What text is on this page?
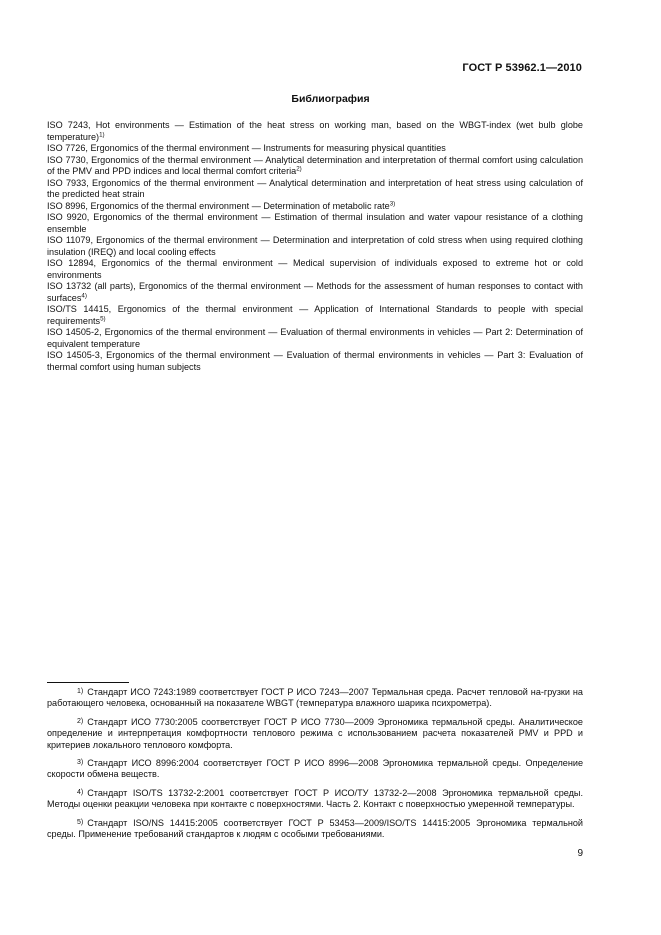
ГОСТ Р 53962.1—2010
Библиография

ISO 7243, Hot environments — Estimation of the heat stress on working man, based on the WBGT-index (wet bulb globe temperature)$^{1)}$

ISO 7726, Ergonomics of the thermal environment — Instruments for measuring physical quantities

ISO 7730, Ergonomics of the thermal environment — Analytical determination and interpretation of thermal comfort using calculation of the PMV and PPD indices and local thermal comfort criteria$^{2)}$

ISO 7933, Ergonomics of the thermal environment — Analytical determination and interpretation of heat stress using calculation of the predicted heat strain

ISO 8996, Ergonomics of the thermal environment — Determination of metabolic rate$^{3)}$

ISO 9920, Ergonomics of the thermal environment — Estimation of thermal insulation and water vapour resistance of a clothing ensemble

ISO 11079, Ergonomics of the thermal environment — Determination and interpretation of cold stress when using required clothing insulation (IREQ) and local cooling effects

ISO 12894, Ergonomics of the thermal environment — Medical supervision of individuals exposed to extreme hot or cold environments

ISO 13732 (all parts), Ergonomics of the thermal environment — Methods for the assessment of human responses to contact with surfaces$^{4)}$

ISO/TS 14415, Ergonomics of the thermal environment — Application of International Standards to people with special requirements$^{5)}$

ISO 14505-2, Ergonomics of the thermal environment — Evaluation of thermal environments in vehicles — Part 2: Determination of equivalent temperature

ISO 14505-3, Ergonomics of the thermal environment — Evaluation of thermal environments in vehicles — Part 3: Evaluation of thermal comfort using human subjects

$^{1)}$ Стандарт ИСО 7243:1989 соответствует ГОСТ Р ИСО 7243—2007 Термальная среда. Расчет тепловой на-грузки на работающего человека, основанный на показателе WBGT (температура влажного шарика психрометра).

$^{2)}$ Стандарт ИСО 7730:2005 соответствует ГОСТ Р ИСО 7730—2009 Эргономика термальной среды. Аналитическое определение и интерпретация комфортности теплового режима с использованием расчета показателей PMV и PPD и критериев локального теплового комфорта.

$^{3)}$ Стандарт ИСО 8996:2004 соответствует ГОСТ Р ИСО 8996—2008 Эргономика термальной среды. Определение скорости обмена веществ.

$^{4)}$ Стандарт ISO/TS 13732-2:2001 соответствует ГОСТ Р ИСО/ТУ 13732-2—2008 Эргономика термальной среды. Методы оценки реакции человека при контакте с поверхностями. Часть 2. Контакт с поверхностью умеренной температуры.

$^{5)}$ Стандарт ISO/NS 14415:2005 соответствует ГОСТ Р 53453—2009/ISO/TS 14415:2005 Эргономика термальной среды. Применение требований стандартов к людям с особыми требованиями.

9
